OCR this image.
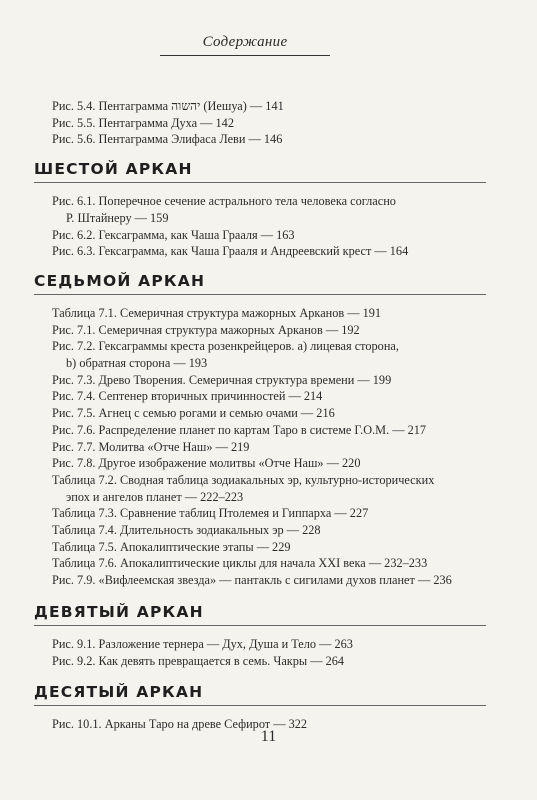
Содержание
Рис. 5.4. Пентаграмма יהשוה (Иешуа) — 141
Рис. 5.5. Пентаграмма Духа — 142
Рис. 5.6. Пентаграмма Элифаса Леви — 146
ШЕСТОЙ АРКАН
Рис. 6.1. Поперечное сечение астрального тела человека согласно
Р. Штайнеру — 159
Рис. 6.2. Гексаграмма, как Чаша Грааля — 163
Рис. 6.3. Гексаграмма, как Чаша Грааля и Андреевский крест — 164
СЕДЬМОЙ АРКАН
Таблица 7.1. Семеричная структура мажорных Арканов — 191
Рис. 7.1. Семеричная структура мажорных Арканов — 192
Рис. 7.2. Гексаграммы креста розенкрейцеров. a) лицевая сторона,
b) обратная сторона — 193
Рис. 7.3. Древо Творения. Семеричная структура времени — 199
Рис. 7.4. Септенер вторичных причинностей — 214
Рис. 7.5. Агнец с семью рогами и семью очами — 216
Рис. 7.6. Распределение планет по картам Таро в системе Г.О.М. — 217
Рис. 7.7. Молитва «Отче Наш» — 219
Рис. 7.8. Другое изображение молитвы «Отче Наш» — 220
Таблица 7.2. Сводная таблица зодиакальных эр, культурно-исторических
эпох и ангелов планет — 222–223
Таблица 7.3. Сравнение таблиц Птолемея и Гиппарха — 227
Таблица 7.4. Длительность зодиакальных эр — 228
Таблица 7.5. Апокалиптические этапы — 229
Таблица 7.6. Апокалиптические циклы для начала XXI века — 232–233
Рис. 7.9. «Вифлеемская звезда» — пантакль с сигилами духов планет — 236
ДЕВЯТЫЙ АРКАН
Рис. 9.1. Разложение тернера — Дух, Душа и Тело — 263
Рис. 9.2. Как девять превращается в семь. Чакры — 264
ДЕСЯТЫЙ АРКАН
Рис. 10.1. Арканы Таро на древе Сефирот — 322
11
